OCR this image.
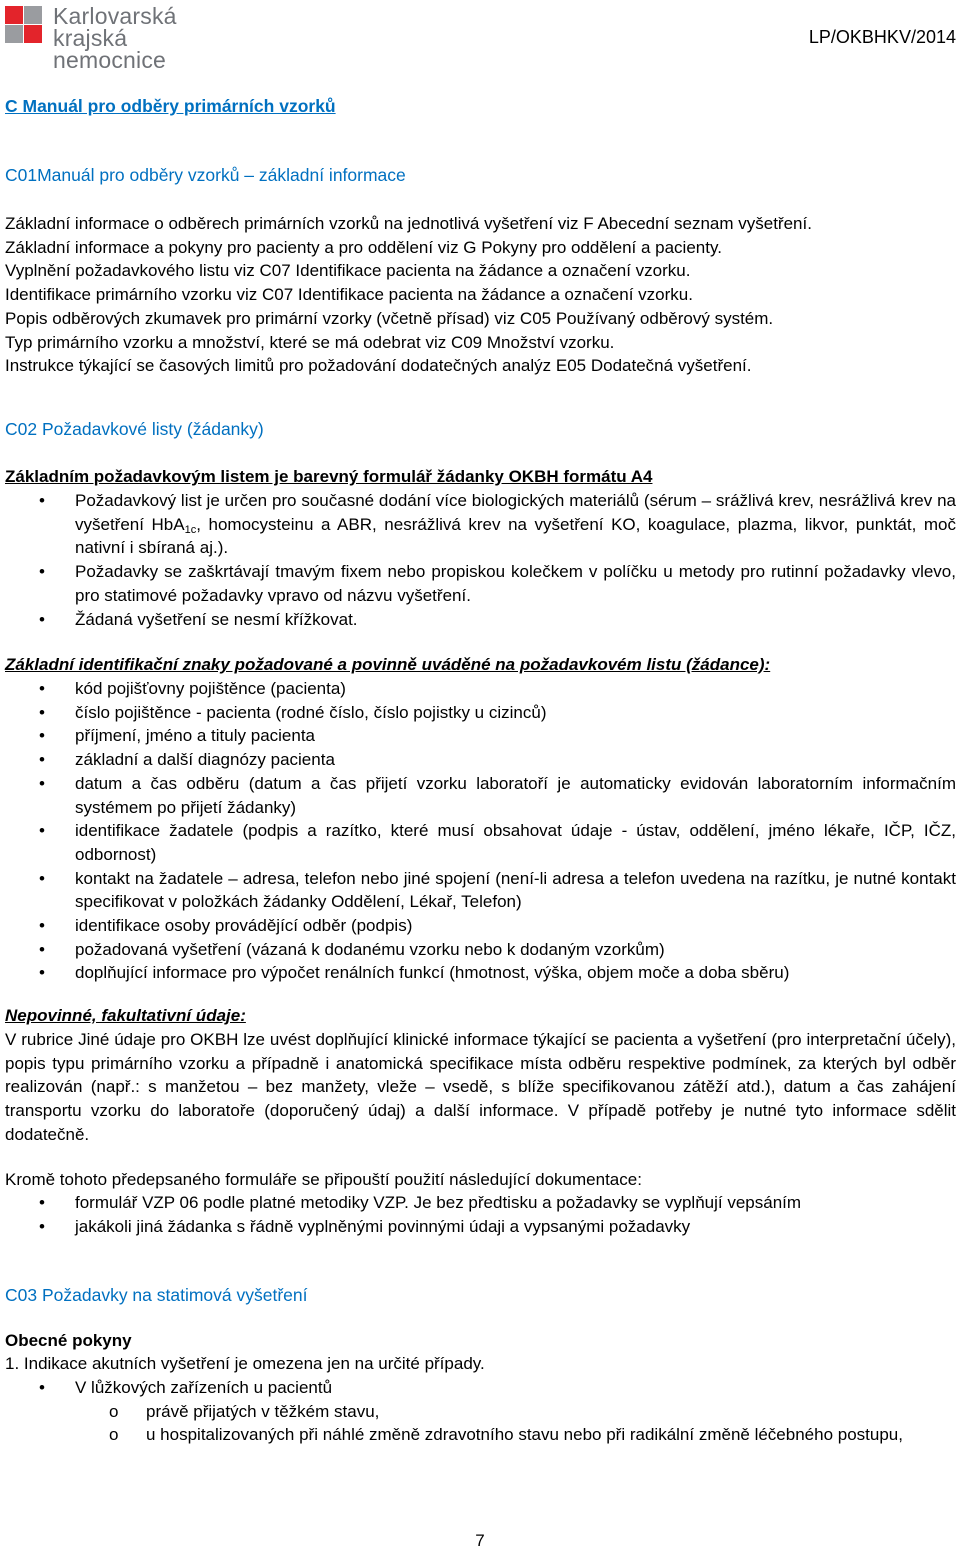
Karlovarská
krajská
nemocnice
LP/OKBHKV/2014
C Manuál pro odběry primárních vzorků
C01Manuál pro odběry vzorků – základní informace
Základní informace o odběrech primárních vzorků na jednotlivá vyšetření viz F Abecední seznam vyšetření.
Základní informace a pokyny pro pacienty a pro oddělení viz G Pokyny pro oddělení a pacienty.
Vyplnění požadavkového listu viz C07 Identifikace pacienta na žádance a označení vzorku.
Identifikace primárního vzorku viz C07 Identifikace pacienta na žádance a označení vzorku.
Popis odběrových zkumavek pro primární vzorky (včetně přísad) viz C05 Používaný odběrový systém.
Typ primárního vzorku a množství, které se má odebrat viz C09 Množství vzorku.
Instrukce týkající se časových limitů pro požadování dodatečných analýz E05 Dodatečná vyšetření.
C02 Požadavkové listy (žádanky)
Základním požadavkovým listem je barevný formulář žádanky OKBH formátu A4
• Požadavkový list je určen pro současné dodání více biologických materiálů (sérum – srážlivá krev, nesrážlivá krev na vyšetření HbA$_{1c}$, homocysteinu a ABR, nesrážlivá krev na vyšetření KO, koagulace, plazma, likvor, punktát, moč nativní i sbíraná aj.).
• Požadavky se zaškrtávají tmavým fixem nebo propiskou kolečkem v políčku u metody pro rutinní požadavky vlevo, pro statimové požadavky vpravo od názvu vyšetření.
• Žádaná vyšetření se nesmí křížkovat.
Základní identifikační znaky požadované a povinně uváděné na požadavkovém listu (žádance):
• kód pojišťovny pojištěnce (pacienta)
• číslo pojištěnce - pacienta (rodné číslo, číslo pojistky u cizinců)
• příjmení, jméno a tituly pacienta
• základní a další diagnózy pacienta
• datum a čas odběru (datum a čas přijetí vzorku laboratoří je automaticky evidován laboratorním informačním systémem po přijetí žádanky)
• identifikace žadatele (podpis a razítko, které musí obsahovat údaje - ústav, oddělení, jméno lékaře, IČP, IČZ, odbornost)
• kontakt na žadatele – adresa, telefon nebo jiné spojení (není-li adresa a telefon uvedena na razítku, je nutné kontakt specifikovat v položkách žádanky Oddělení, Lékař, Telefon)
• identifikace osoby provádějící odběr (podpis)
• požadovaná vyšetření (vázaná k dodanému vzorku nebo k dodaným vzorkům)
• doplňující informace pro výpočet renálních funkcí (hmotnost, výška, objem moče a doba sběru)
Nepovinné, fakultativní údaje:
V rubrice Jiné údaje pro OKBH lze uvést doplňující klinické informace týkající se pacienta a vyšetření (pro interpretační účely), popis typu primárního vzorku a případně i anatomická specifikace místa odběru respektive podmínek, za kterých byl odběr realizován (např.: s manžetou – bez manžety, vleže – vsedě, s blíže specifikovanou zátěží atd.), datum a čas zahájení transportu vzorku do laboratoře (doporučený údaj) a další informace. V případě potřeby je nutné tyto informace sdělit dodatečně.
Kromě tohoto předepsaného formuláře se připouští použití následující dokumentace:
• formulář VZP 06 podle platné metodiky VZP. Je bez předtisku a požadavky se vyplňují vepsáním
• jakákoli jiná žádanka s řádně vyplněnými povinnými údaji a vypsanými požadavky
C03 Požadavky na statimová vyšetření
Obecné pokyny
1. Indikace akutních vyšetření je omezena jen na určité případy.
• V lůžkových zařízeních u pacientů
o právě přijatých v těžkém stavu,
o u hospitalizovaných při náhlé změně zdravotního stavu nebo při radikální změně léčebného postupu,
7
